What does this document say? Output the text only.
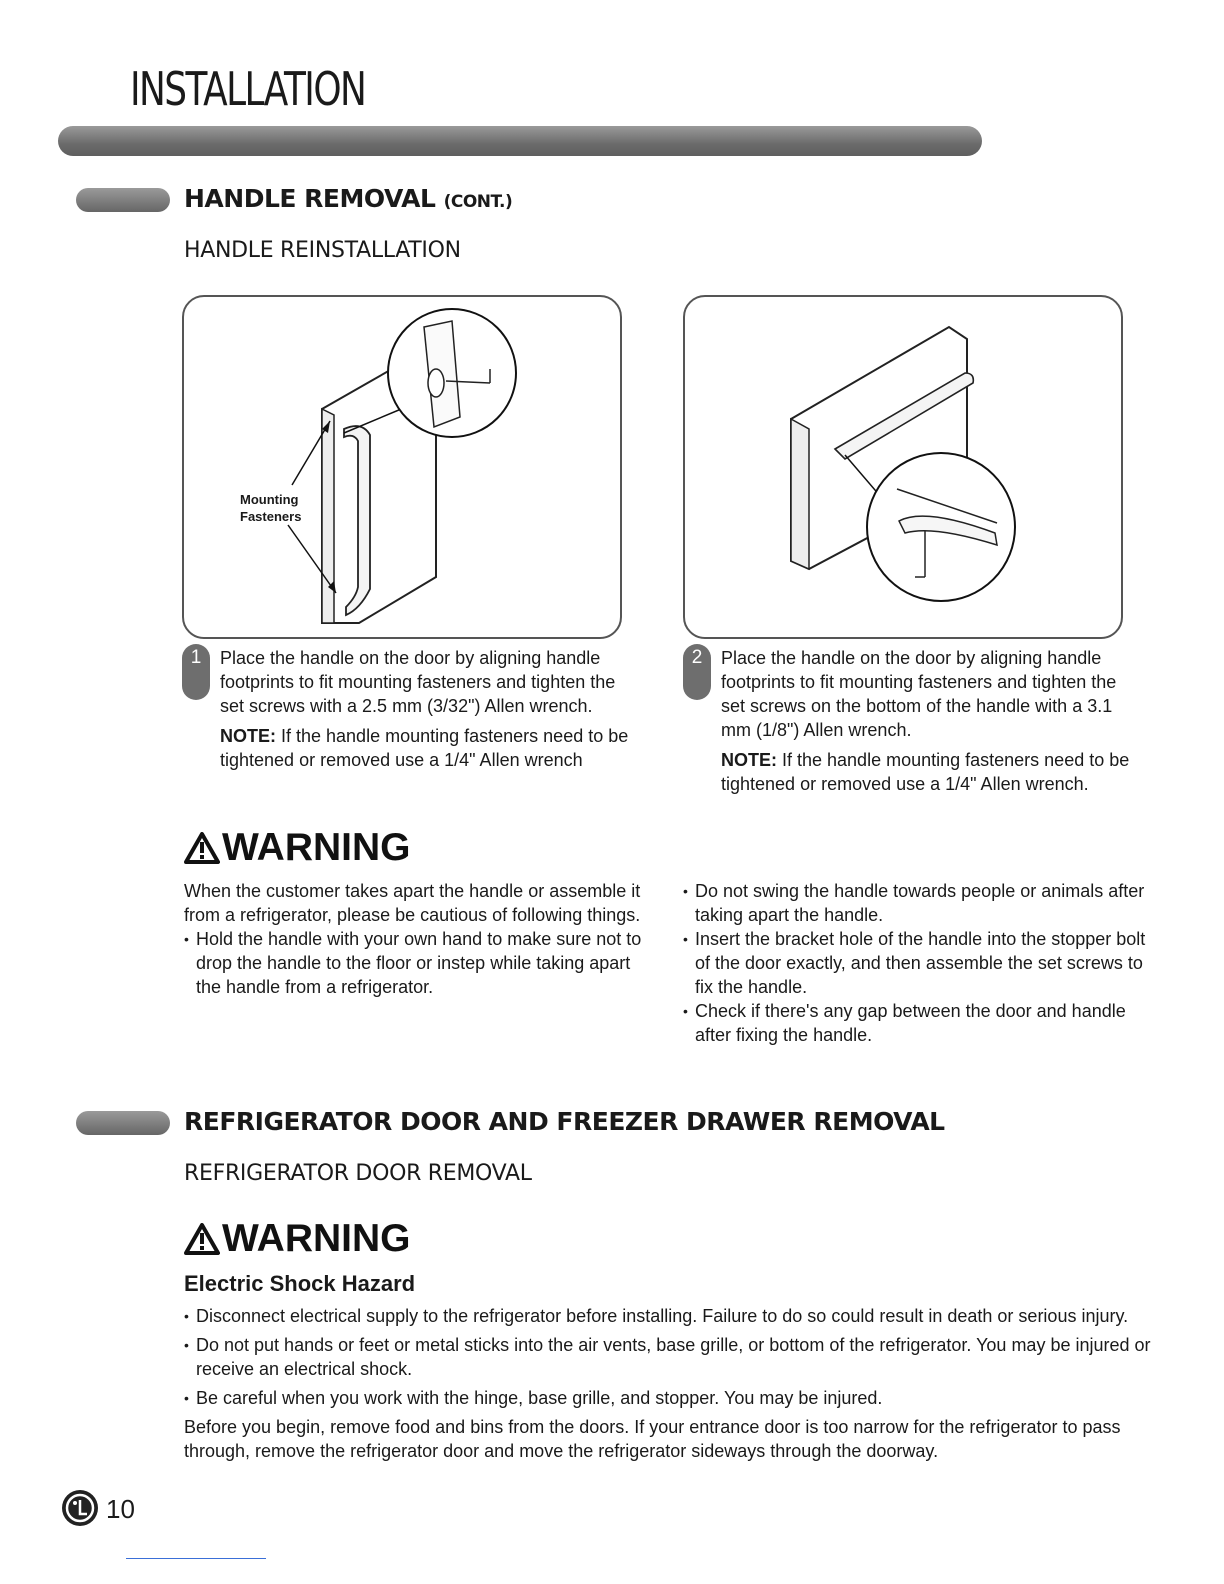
INSTALLATION
HANDLE REMOVAL (CONT.)
HANDLE REINSTALLATION
Mounting
Fasteners
1	Place the handle on the door by aligning handle footprints to fit mounting fasteners and tighten the set screws with a 2.5 mm (3/32") Allen wrench.

NOTE: If the handle mounting fasteners need to be tightened or removed use a 1/4" Allen wrench

2	Place the handle on the door by aligning handle footprints to fit mounting fasteners and tighten the set screws on the bottom of the handle with a 3.1 mm (1/8") Allen wrench.

NOTE: If the handle mounting fasteners need to be tightened or removed use a 1/4" Allen wrench.

WARNING

When the customer takes apart the handle or assemble it from a refrigerator, please be cautious of following things.

• Hold the handle with your own hand to make sure not to drop the handle to the floor or instep while taking apart the handle from a refrigerator.

• Do not swing the handle towards people or animals after taking apart the handle.

• Insert the bracket hole of the handle into the stopper bolt of the door exactly, and then assemble the set screws to fix the handle.

• Check if there's any gap between the door and handle after fixing the handle.

REFRIGERATOR DOOR AND FREEZER DRAWER REMOVAL
REFRIGERATOR DOOR REMOVAL
WARNING
Electric Shock Hazard

• Disconnect electrical supply to the refrigerator before installing. Failure to do so could result in death or serious injury.

• Do not put hands or feet or metal sticks into the air vents, base grille, or bottom of the refrigerator. You may be injured or receive an electrical shock.

• Be careful when you work with the hinge, base grille, and stopper. You may be injured.

Before you begin, remove food and bins from the doors. If your entrance door is too narrow for the refrigerator to pass through, remove the refrigerator door and move the refrigerator sideways through the doorway.

10
